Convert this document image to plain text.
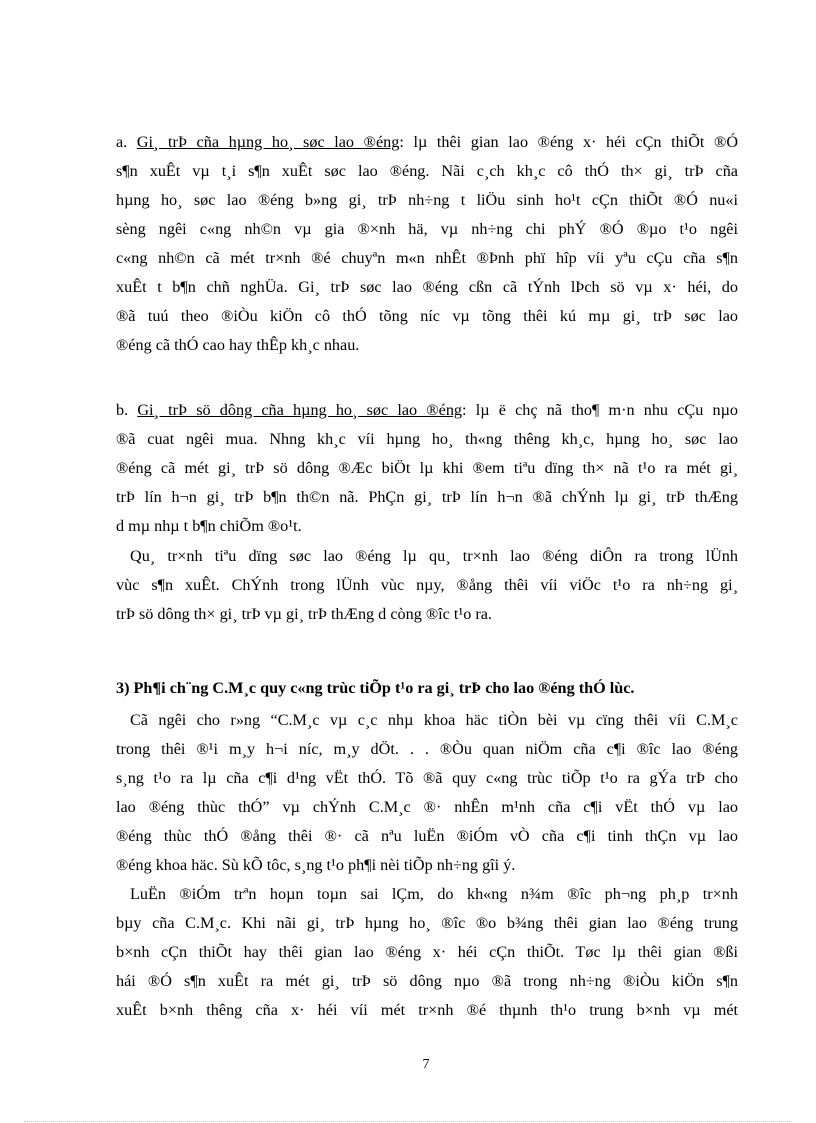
a. Gi¸ trÞ cña hµng ho¸ søc lao ®éng: lµ thêi gian lao ®éng x· héi cÇn thiÕt ®Ó
s¶n xuÊt vµ t¸i s¶n xuÊt søc lao ®éng. Nãi c¸ch kh¸c cô thÓ th× gi¸ trÞ cña
hµng ho¸ søc lao ®éng b»ng gi¸ trÞ nh÷ng t liÖu sinh ho¹t cÇn thiÕt ®Ó nu«i
sèng ngêi c«ng nh©n vµ gia ®×nh hä, vµ nh÷ng chi phÝ ®Ó ®µo t¹o ngêi
c«ng nh©n cã mét tr×nh ®é chuyªn m«n nhÊt ®Þnh phï hîp víi yªu cÇu cña s¶n
xuÊt t b¶n chñ nghÜa. Gi¸ trÞ søc lao ®éng cßn cã tÝnh lÞch sö vµ x· héi, do
®ã tuú theo ®iÒu kiÖn cô thÓ tõng níc vµ tõng thêi kú mµ gi¸ trÞ søc lao
®éng cã thÓ cao hay thÊp kh¸c nhau.
b. Gi¸ trÞ sö dông cña hµng ho¸ søc lao ®éng: lµ ë chç nã tho¶ m·n nhu cÇu nµo
®ã cuat ngêi mua. Nhng kh¸c víi hµng ho¸ th«ng thêng kh¸c, hµng ho¸ søc lao
®éng cã mét gi¸ trÞ sö dông ®Æc biÖt lµ khi ®em tiªu dïng th× nã t¹o ra mét gi¸
trÞ lín h¬n gi¸ trÞ b¶n th©n nã. PhÇn gi¸ trÞ lín h¬n ®ã chÝnh lµ gi¸ trÞ thÆng
d mµ nhµ t b¶n chiÕm ®o¹t.
Qu¸ tr×nh tiªu dïng søc lao ®éng lµ qu¸ tr×nh lao ®éng diÔn ra trong lÜnh
vùc s¶n xuÊt. ChÝnh trong lÜnh vùc nµy, ®ång thêi víi viÖc t¹o ra nh÷ng gi¸
trÞ sö dông th× gi¸ trÞ vµ gi¸ trÞ thÆng d còng ®îc t¹o ra.
3) Ph¶i ch¨ng C.M¸c quy c«ng trùc tiÕp t¹o ra gi¸ trÞ cho lao ®éng thÓ lùc.
Cã ngêi cho r»ng “C.M¸c vµ c¸c nhµ khoa häc tiÒn bèi vµ cïng thêi víi C.M¸c
trong thêi ®¹i m¸y h¬i níc, m¸y dÖt. . . ®Òu quan niÖm cña c¶i ®îc lao ®éng
s¸ng t¹o ra lµ cña c¶i d¹ng vËt thÓ. Tõ ®ã quy c«ng trùc tiÕp t¹o ra gÝa trÞ cho
lao ®éng thùc thÓ” vµ chÝnh C.M¸c ®· nhÊn m¹nh cña c¶i vËt thÓ vµ lao
®éng thùc thÓ ®ång thêi ®· cã nªu luËn ®iÓm vÒ cña c¶i tinh thÇn vµ lao
®éng khoa häc. Sù kÕ tôc, s¸ng t¹o ph¶i nèi tiÕp nh÷ng gîi ý.
LuËn ®iÓm trªn hoµn toµn sai lÇm, do kh«ng n¾m ®îc ph¬ng ph¸p tr×nh
bµy cña C.M¸c. Khi nãi gi¸ trÞ hµng ho¸ ®îc ®o b¾ng thêi gian lao ®éng trung
b×nh cÇn thiÕt hay thêi gian lao ®éng x· héi cÇn thiÕt. Tøc lµ thêi gian ®ßi
hái ®Ó s¶n xuÊt ra mét gi¸ trÞ sö dông nµo ®ã trong nh÷ng ®iÒu kiÖn s¶n
xuÊt b×nh thêng cña x· héi víi mét tr×nh ®é thµnh th¹o trung b×nh vµ mét
7
